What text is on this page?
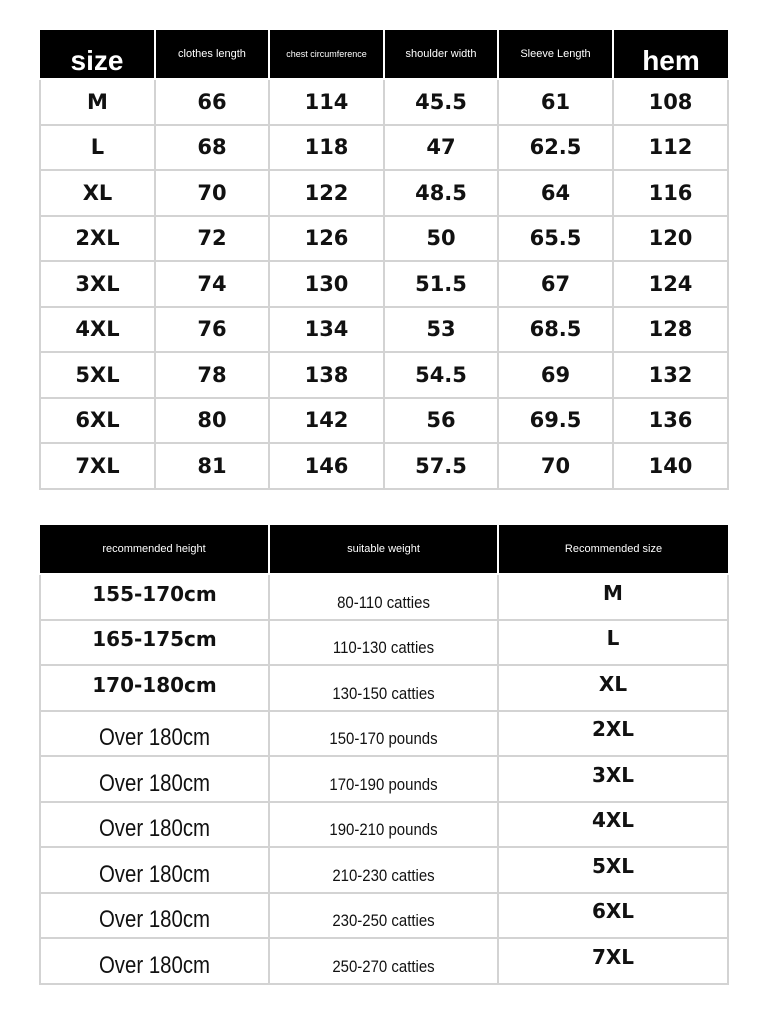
size	clothes length	chest circumference	shoulder width	Sleeve Length	hem

M	66	114	45.5	61	108
L	68	118	47	62.5	112
XL	70	122	48.5	64	116
2XL	72	126	50	65.5	120
3XL	74	130	51.5	67	124
4XL	76	134	53	68.5	128
5XL	78	138	54.5	69	132
6XL	80	142	56	69.5	136
7XL	81	146	57.5	70	140
recommended height	suitable weight	Recommended size

155-170cm	80-110 catties	M

165-175cm	110-130 catties	L

170-180cm	130-150 catties	XL

Over 180cm	150-170 pounds	2XL

Over 180cm	170-190 pounds	3XL

Over 180cm	190-210 pounds	4XL

Over 180cm	210-230 catties	5XL

Over 180cm	230-250 catties	6XL

Over 180cm	250-270 catties	7XL
